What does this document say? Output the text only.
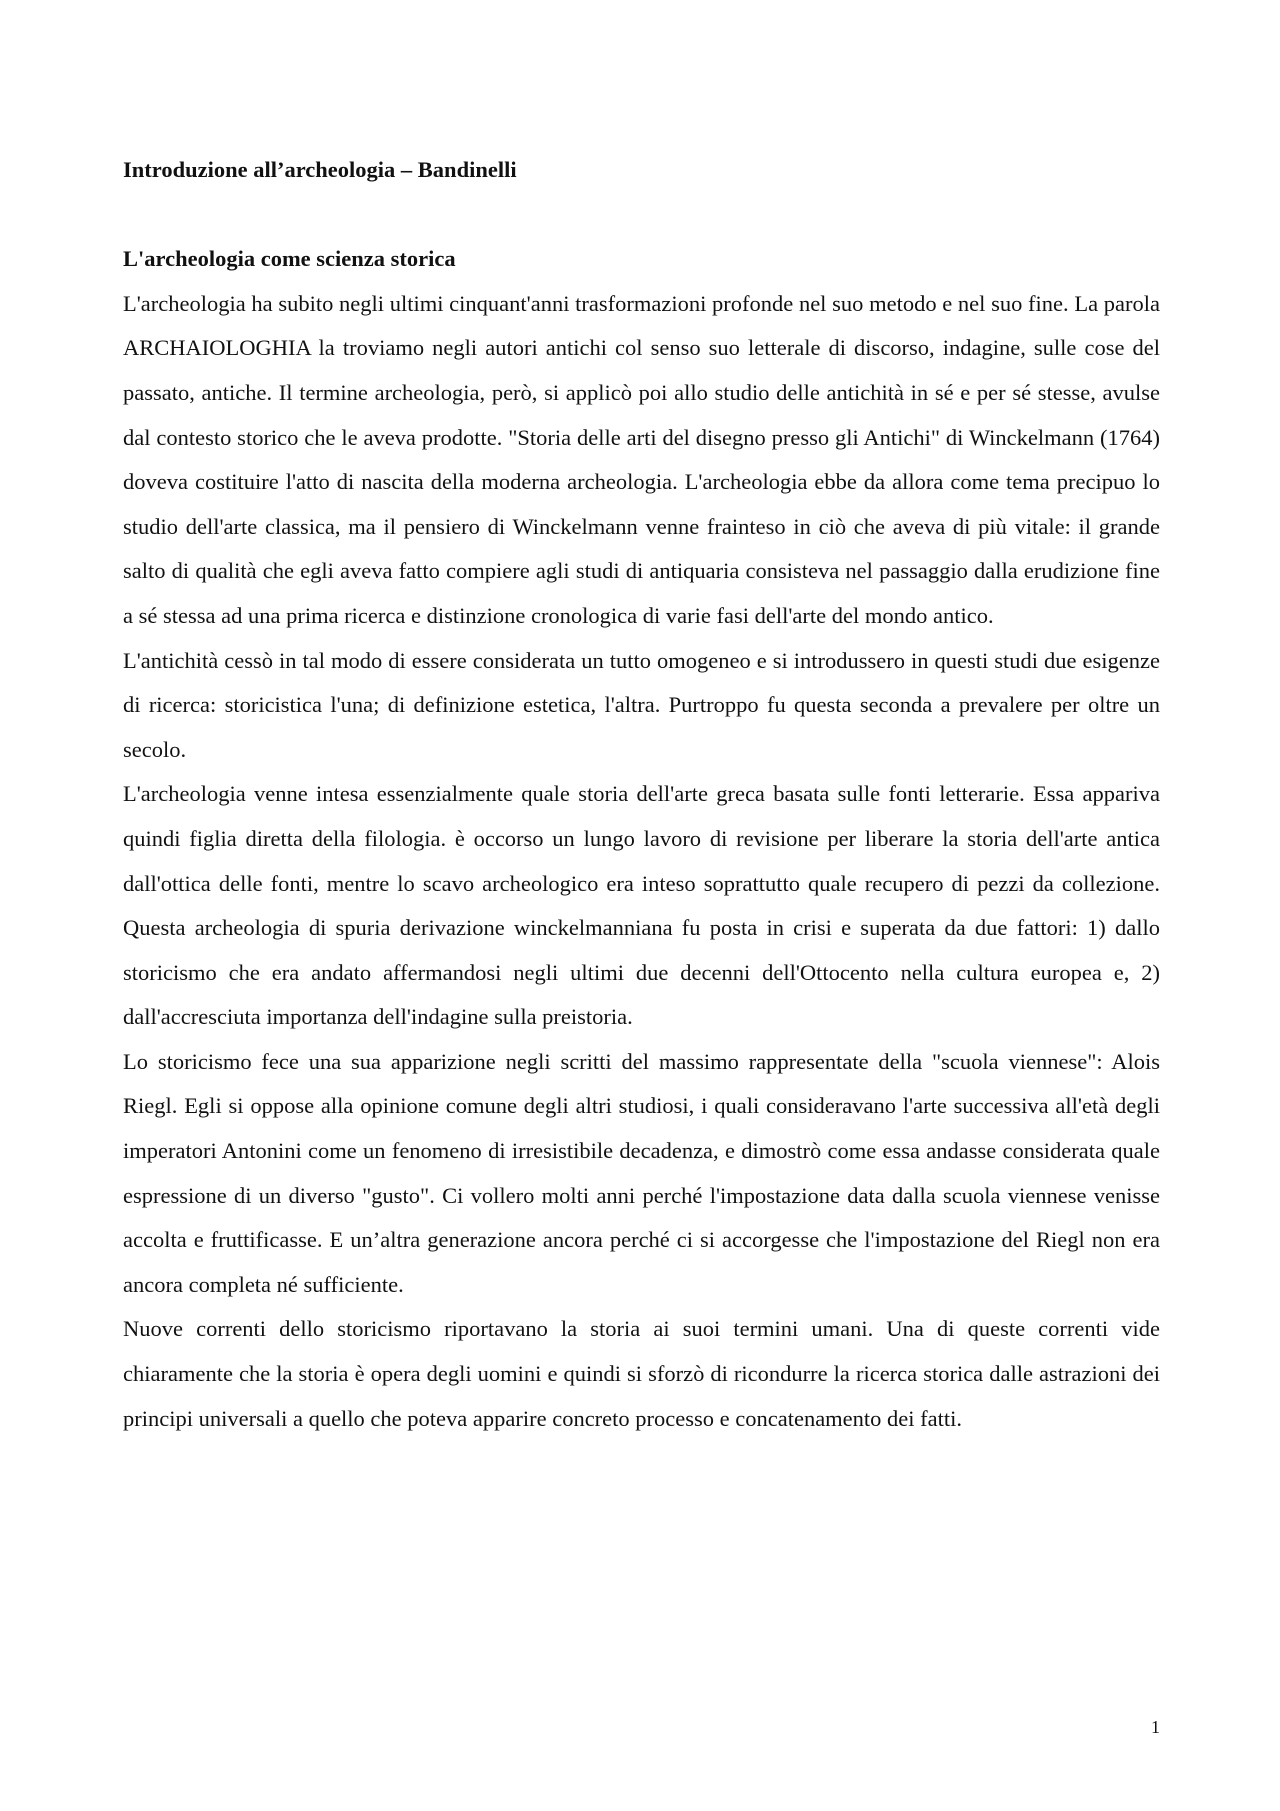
Introduzione all’archeologia – Bandinelli
L'archeologia come scienza storica

L'archeologia ha subito negli ultimi cinquant'anni trasformazioni profonde nel suo metodo e nel suo fine. La parola ARCHAIOLOGHIA la troviamo negli autori antichi col senso suo letterale di discorso, indagine, sulle cose del passato, antiche. Il termine archeologia, però, si applicò poi allo studio delle antichità in sé e per sé stesse, avulse dal contesto storico che le aveva prodotte. "Storia delle arti del disegno presso gli Antichi" di Winckelmann (1764) doveva costituire l'atto di nascita della moderna archeologia. L'archeologia ebbe da allora come tema precipuo lo studio dell'arte classica, ma il pensiero di Winckelmann venne frainteso in ciò che aveva di più vitale: il grande salto di qualità che egli aveva fatto compiere agli studi di antiquaria consisteva nel passaggio dalla erudizione fine a sé stessa ad una prima ricerca e distinzione cronologica di varie fasi dell'arte del mondo antico.

L'antichità cessò in tal modo di essere considerata un tutto omogeneo e si introdussero in questi studi due esigenze di ricerca: storicistica l'una; di definizione estetica, l'altra. Purtroppo fu questa seconda a prevalere per oltre un secolo.

L'archeologia venne intesa essenzialmente quale storia dell'arte greca basata sulle fonti letterarie. Essa appariva quindi figlia diretta della filologia. è occorso un lungo lavoro di revisione per liberare la storia dell'arte antica dall'ottica delle fonti, mentre lo scavo archeologico era inteso soprattutto quale recupero di pezzi da collezione. Questa archeologia di spuria derivazione winckelmanniana fu posta in crisi e superata da due fattori: 1) dallo storicismo che era andato affermandosi negli ultimi due decenni dell'Ottocento nella cultura europea e, 2) dall'accresciuta importanza dell'indagine sulla preistoria.

Lo storicismo fece una sua apparizione negli scritti del massimo rappresentate della "scuola viennese": Alois Riegl. Egli si oppose alla opinione comune degli altri studiosi, i quali consideravano l'arte successiva all'età degli imperatori Antonini come un fenomeno di irresistibile decadenza, e dimostrò come essa andasse considerata quale espressione di un diverso "gusto". Ci vollero molti anni perché l'impostazione data dalla scuola viennese venisse accolta e fruttificasse. E un’altra generazione ancora perché ci si accorgesse che l'impostazione del Riegl non era ancora completa né sufficiente.

Nuove correnti dello storicismo riportavano la storia ai suoi termini umani. Una di queste correnti vide chiaramente che la storia è opera degli uomini e quindi si sforzò di ricondurre la ricerca storica dalle astrazioni dei principi universali a quello che poteva apparire concreto processo e concatenamento dei fatti.

1
